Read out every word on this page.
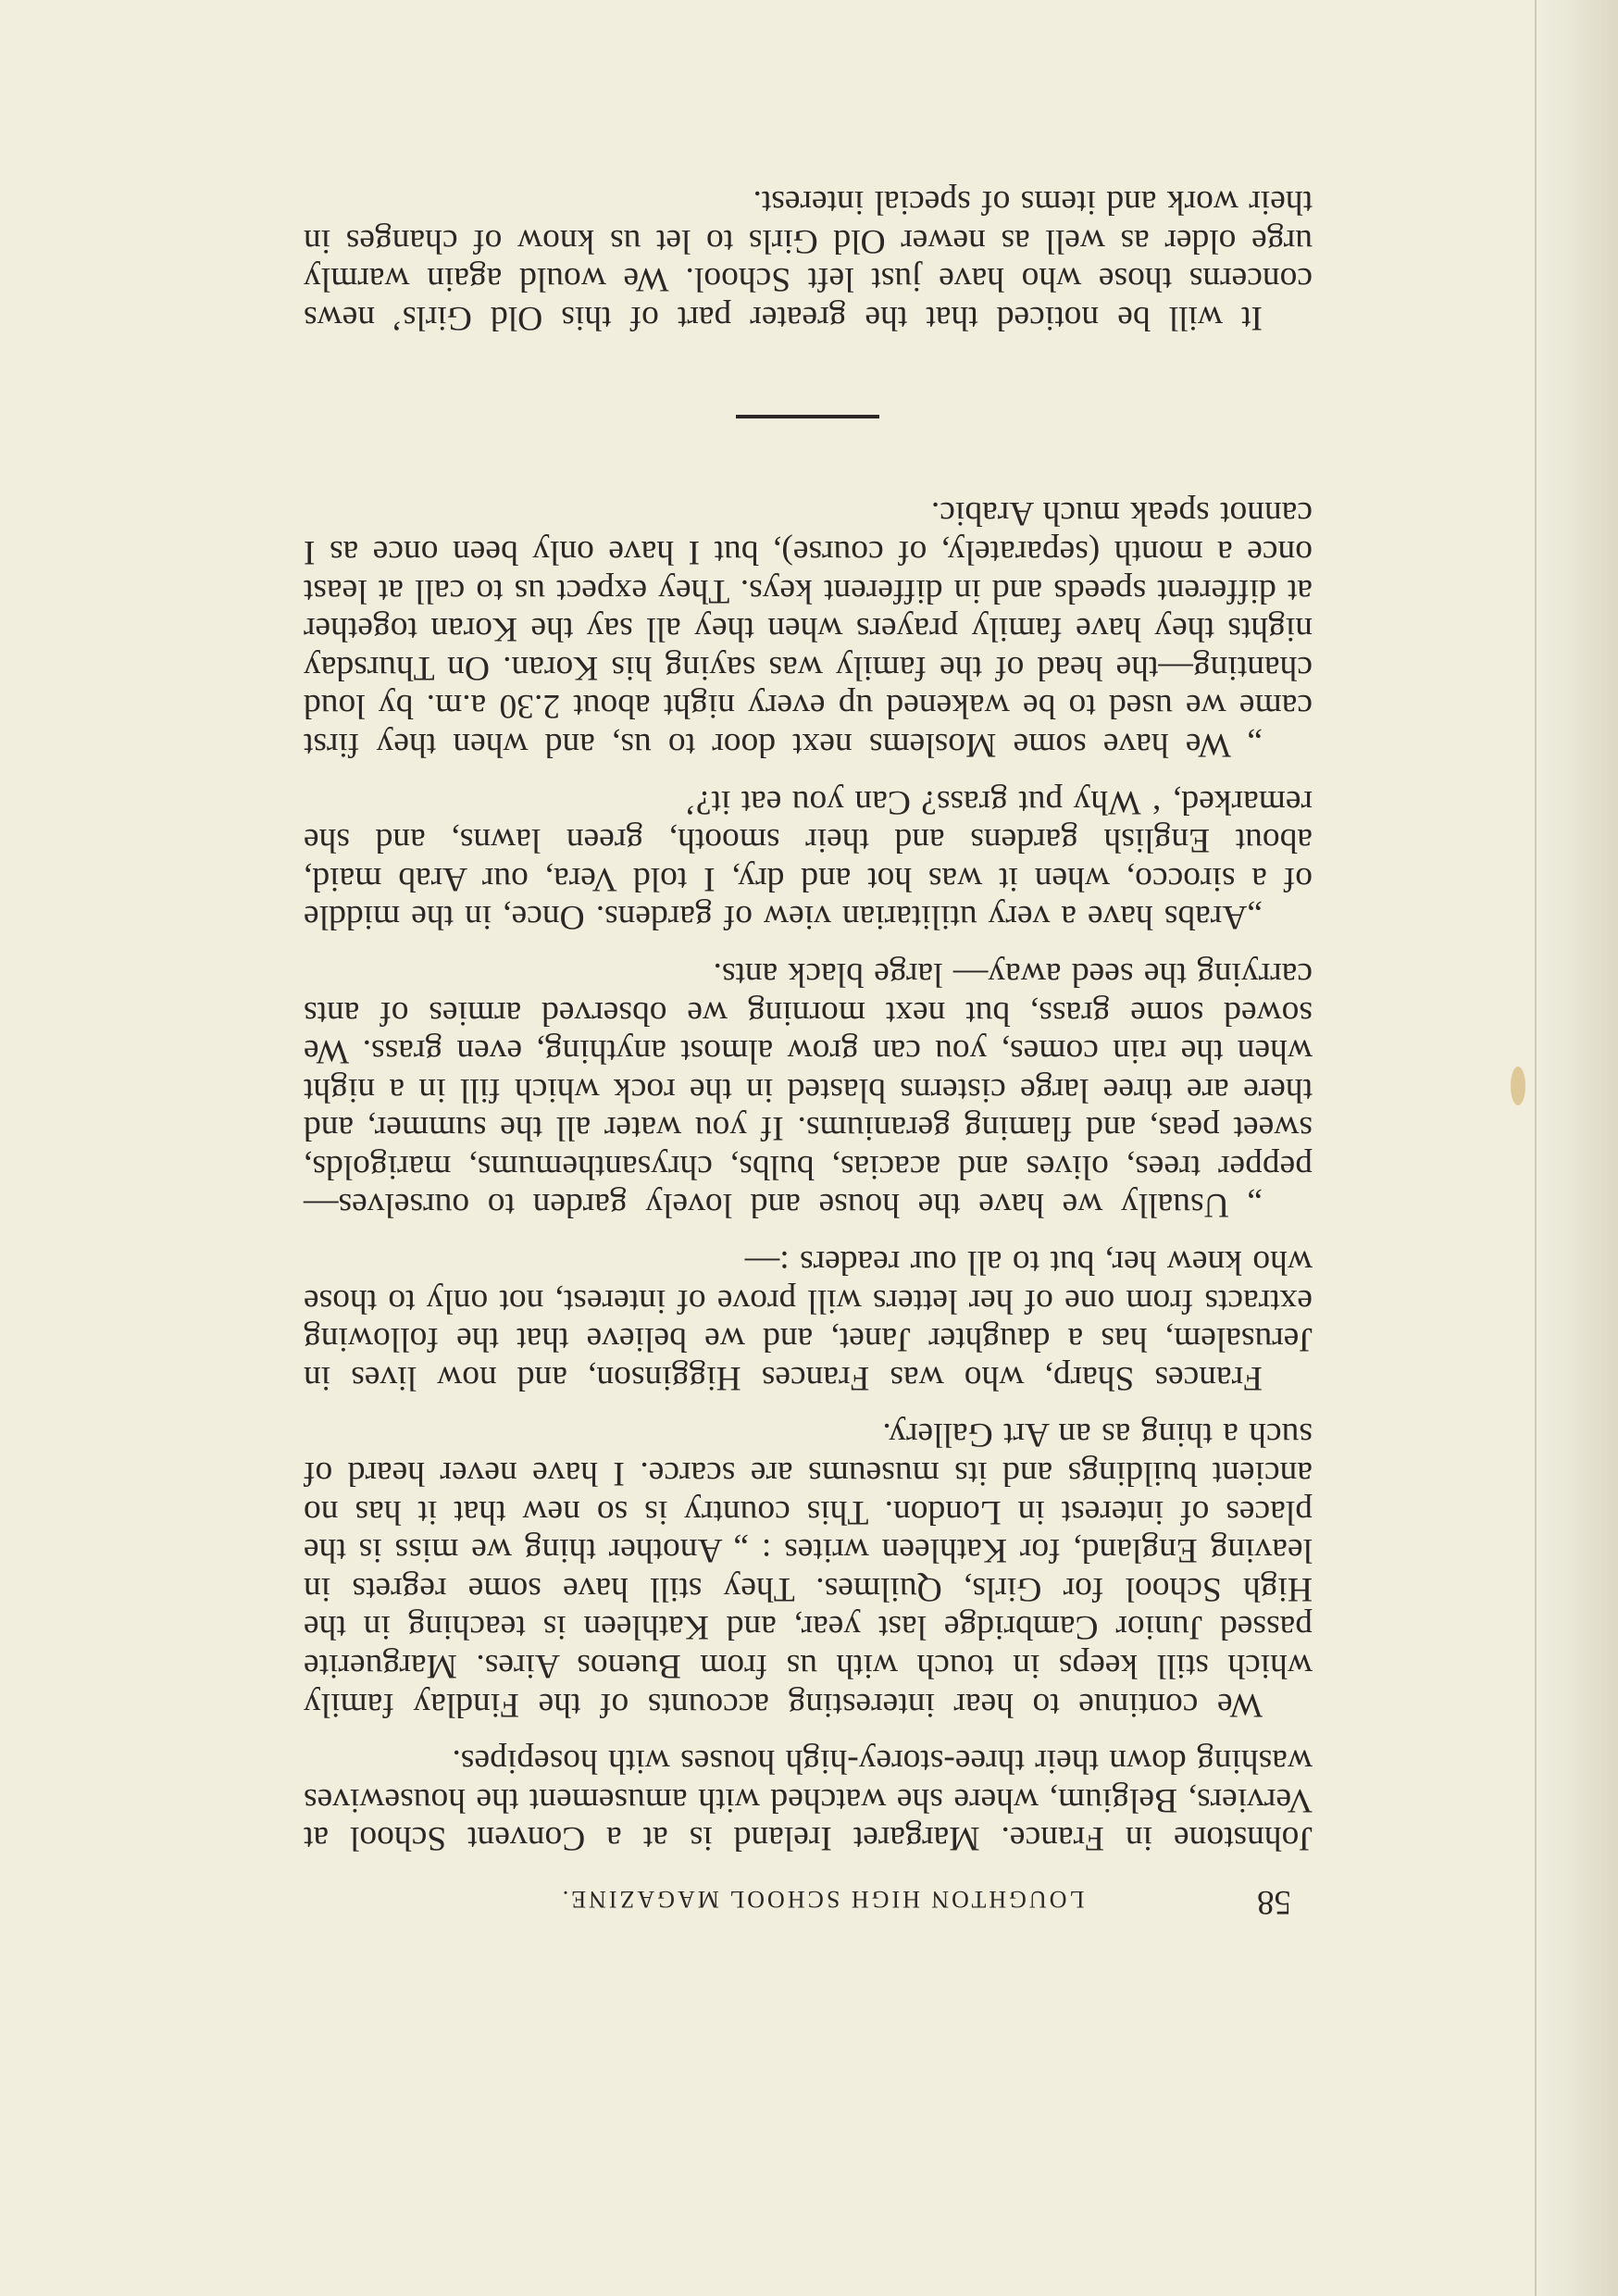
58
LOUGHTON HIGH SCHOOL MAGAZINE.

Johnstone in France. Margaret Ireland is at a Convent School at Verviers, Belgium, where she watched with amusement the housewives washing down their three-storey-high houses with hosepipes.

We continue to hear interesting accounts of the Findlay family which still keeps in touch with us from Buenos Aires. Marguerite passed Junior Cambridge last year, and Kathleen is teaching in the High School for Girls, Quilmes. They still have some regrets in leaving England, for Kathleen writes : „ Another thing we miss is the places of interest in London. This country is so new that it has no ancient buildings and its museums are scarce. I have never heard of such a thing as an Art Gallery.

Frances Sharp, who was Frances Higginson, and now lives in Jerusalem, has a daughter Janet, and we believe that the following extracts from one of her letters will prove of interest, not only to those who knew her, but to all our readers :—

„ Usually we have the house and lovely garden to ourselves— pepper trees, olives and acacias, bulbs, chrysanthemums, marigolds, sweet peas, and flaming geraniums. If you water all the summer, and there are three large cisterns blasted in the rock which fill in a night when the rain comes, you can grow almost anything, even grass. We sowed some grass, but next morning we observed armies of ants carrying the seed away— large black ants.

„Arabs have a very utilitarian view of gardens. Once, in the middle of a sirocco, when it was hot and dry, I told Vera, our Arab maid, about English gardens and their smooth, green lawns, and she remarked, ‘ Why put grass? Can you eat it?’

„ We have some Moslems next door to us, and when they first came we used to be wakened up every night about 2.30 a.m. by loud chanting—the head of the family was saying his Koran. On Thursday nights they have family prayers when they all say the Koran together at different speeds and in different keys. They expect us to call at least once a month (separately, of course), but I have only been once as I cannot speak much Arabic.

It will be noticed that the greater part of this Old Girls’ news concerns those who have just left School. We would again warmly urge older as well as newer Old Girls to let us know of changes in their work and items of special interest.
